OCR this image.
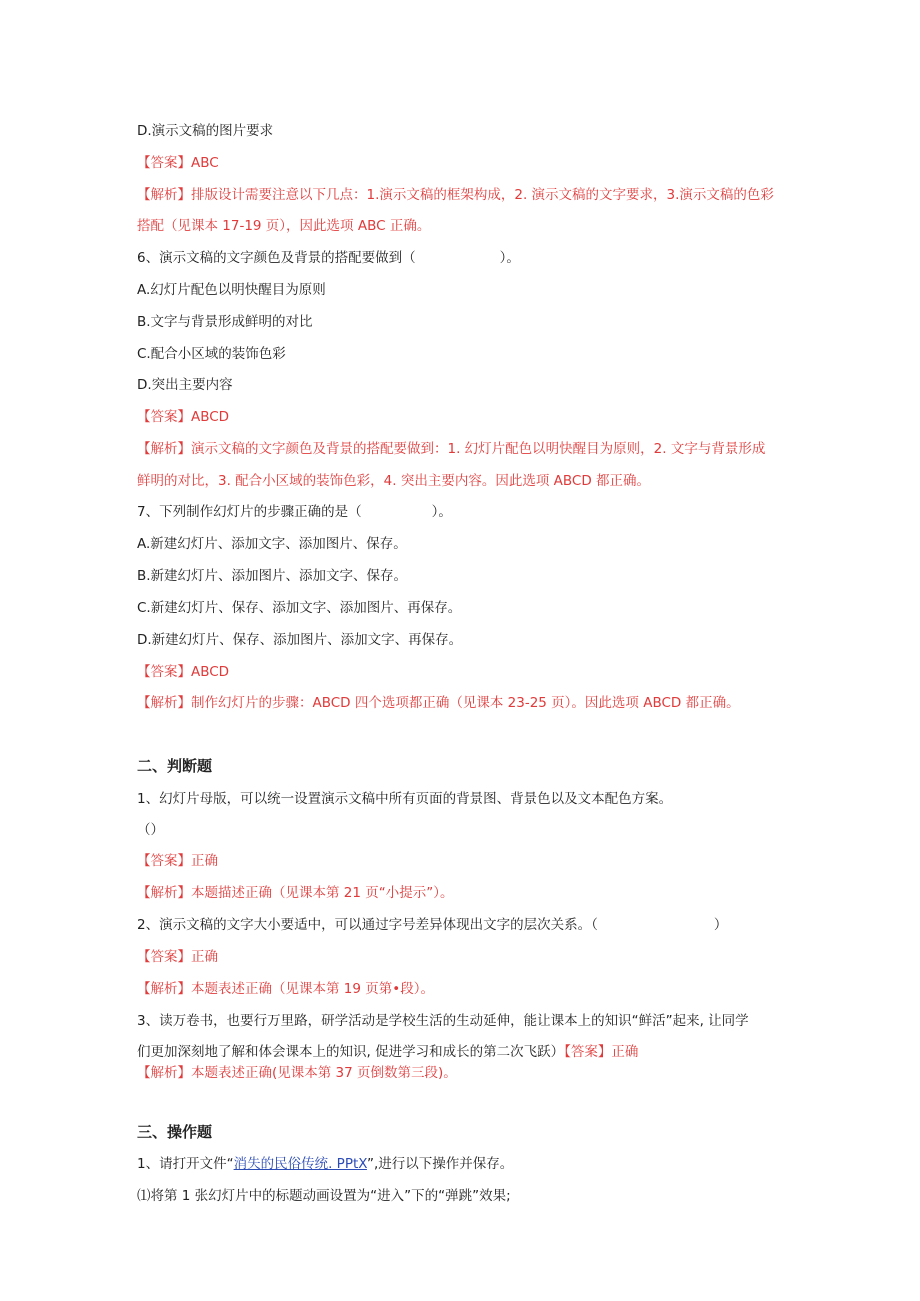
D.演示文稿的图片要求
【答案】ABC
【解析】排版设计需要注意以下几点：1.演示文稿的框架构成，2. 演示文稿的文字要求，3.演示文稿的色彩
搭配（见课本 17-19 页），因此选项 ABC 正确。
6、演示文稿的文字颜色及背景的搭配要做到（	）。
A.幻灯片配色以明快醒目为原则
B.文字与背景形成鲜明的对比
C.配合小区域的装饰色彩
D.突出主要内容
【答案】ABCD
【解析】演示文稿的文字颜色及背景的搭配要做到：1. 幻灯片配色以明快醒目为原则，2. 文字与背景形成
鲜明的对比，3. 配合小区域的装饰色彩，4. 突出主要内容。因此选项 ABCD 都正确。
7、下列制作幻灯片的步骤正确的是（	）。
A.新建幻灯片、添加文字、添加图片、保存。
B.新建幻灯片、添加图片、添加文字、保存。
C.新建幻灯片、保存、添加文字、添加图片、再保存。
D.新建幻灯片、保存、添加图片、添加文字、再保存。
【答案】ABCD
【解析】制作幻灯片的步骤：ABCD 四个选项都正确（见课本 23-25 页）。因此选项 ABCD 都正确。
二、判断题
1、幻灯片母版，可以统一设置演示文稿中所有页面的背景图、背景色以及文本配色方案。
（）
【答案】正确
【解析】本题描述正确（见课本第 21 页“小提示”）。
2、演示文稿的文字大小要适中，可以通过字号差异体现出文字的层次关系。（	）
【答案】正确
【解析】本题表述正确（见课本第 19 页第•段）。
3、读万卷书，也要行万里路，研学活动是学校生活的生动延伸，能让课本上的知识“鲜活”起来, 让同学
们更加深刻地了解和体会课本上的知识, 促进学习和成长的第二次飞跃）【答案】正确
【解析】本题表述正确(见课本第 37 页倒数第三段)。
三、操作题
1、请打开文件“消失的民俗传统. PPtX”,进行以下操作并保存。
⑴将第 1 张幻灯片中的标题动画设置为“进入”下的“弹跳”效果;
